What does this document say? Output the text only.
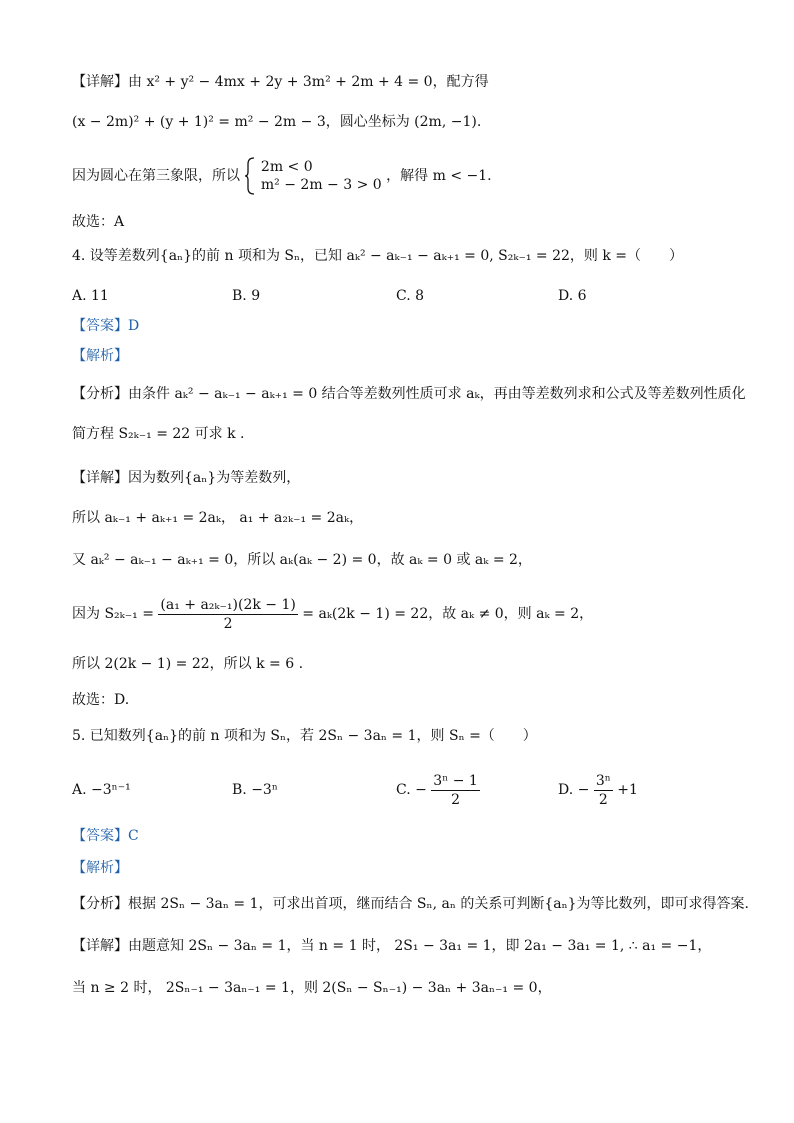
【详解】由 x² + y² − 4mx + 2y + 3m² + 2m + 4 = 0，配方得
(x − 2m)² + (y + 1)² = m² − 2m − 3，圆心坐标为 (2m, −1).
因为圆心在第三象限，所以
2m < 0
m² − 2m − 3 > 0
，解得 m < −1.
故选：A
4. 设等差数列{aₙ}的前 n 项和为 Sₙ，已知 aₖ² − aₖ₋₁ − aₖ₊₁ = 0, S₂ₖ₋₁ = 22，则 k =（　　）
A. 11	B. 9	C. 8	D. 6
【答案】D
【解析】
【分析】由条件 aₖ² − aₖ₋₁ − aₖ₊₁ = 0 结合等差数列性质可求 aₖ，再由等差数列求和公式及等差数列性质化
简方程 S₂ₖ₋₁ = 22 可求 k .
【详解】因为数列{aₙ}为等差数列，
所以 aₖ₋₁ + aₖ₊₁ = 2aₖ， a₁ + a₂ₖ₋₁ = 2aₖ，
又 aₖ² − aₖ₋₁ − aₖ₊₁ = 0，所以 aₖ(aₖ − 2) = 0，故 aₖ = 0 或 aₖ = 2，
因为 $S_{2k-1} = \frac{\text{(a₁ + a₂ₖ₋₁)(2k − 1)}}{2} = a_k(2k - 1) = 22$，故 aₖ ≠ 0，则 aₖ = 2，
所以 2(2k − 1) = 22，所以 k = 6 .
故选：D.
5. 已知数列{aₙ}的前 n 项和为 Sₙ，若 2Sₙ − 3aₙ = 1，则 Sₙ =（　　）
A. −3ⁿ⁻¹	B. −3ⁿ	C. − $\frac{\text{3ⁿ − 1}}{2}$	D. − $\frac{\text{3ⁿ}}{2} +1$
【答案】C
【解析】
【分析】根据 2Sₙ − 3aₙ = 1，可求出首项，继而结合 Sₙ, aₙ 的关系可判断{aₙ}为等比数列，即可求得答案.
【详解】由题意知 2Sₙ − 3aₙ = 1，当 n = 1 时， 2S₁ − 3a₁ = 1，即 2a₁ − 3a₁ = 1, ∴ a₁ = −1，
当 n ≥ 2 时， 2Sₙ₋₁ − 3aₙ₋₁ = 1，则 2(Sₙ − Sₙ₋₁) − 3aₙ + 3aₙ₋₁ = 0，
